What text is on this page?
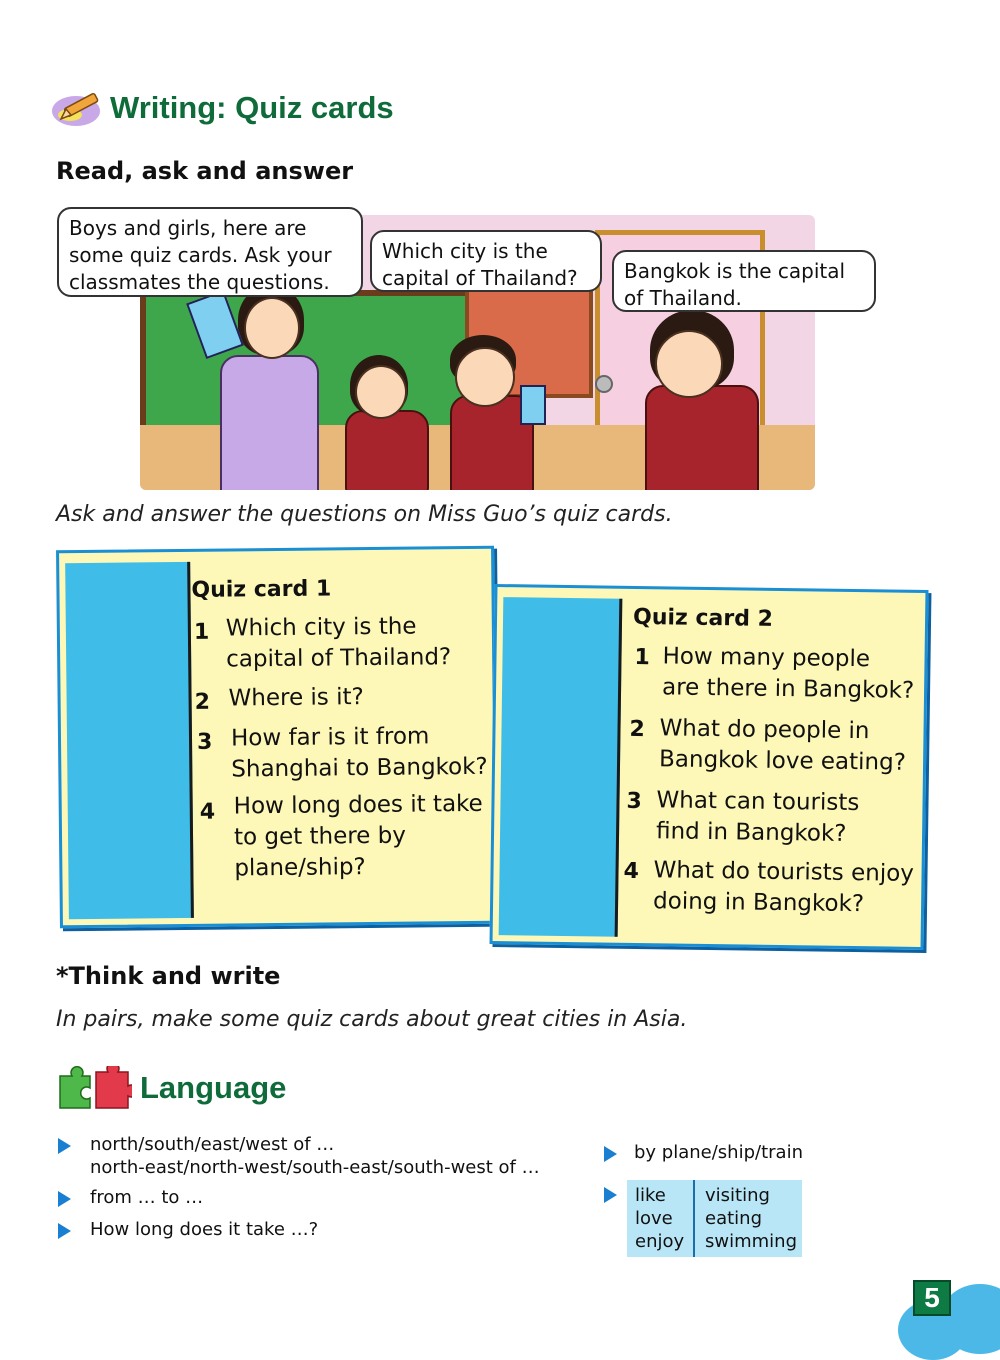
Writing: Quiz cards
Read, ask and answer
Boys and girls, here are
some quiz cards. Ask your
classmates the questions.
Which city is the
capital of Thailand?	Bangkok is the capital
of Thailand.
Ask and answer the questions on Miss Guo’s quiz cards.
Quiz card 1
1 Which city is the
capital of Thailand?
2 Where is it?
3 How far is it from
Shanghai to Bangkok?
4 How long does it take
to get there by
plane/ship?
Quiz card 2
1 How many people
are there in Bangkok?
2 What do people in
Bangkok love eating?
3 What can tourists
find in Bangkok?
4 What do tourists enjoy
doing in Bangkok?
*Think and write
In pairs, make some quiz cards about great cities in Asia.
Language
north/south/east/west of …
north-east/north-west/south-east/south-west of …
from … to …
How long does it take …?
by plane/ship/train
like
love
enjoy
visiting
eating
swimming
5
